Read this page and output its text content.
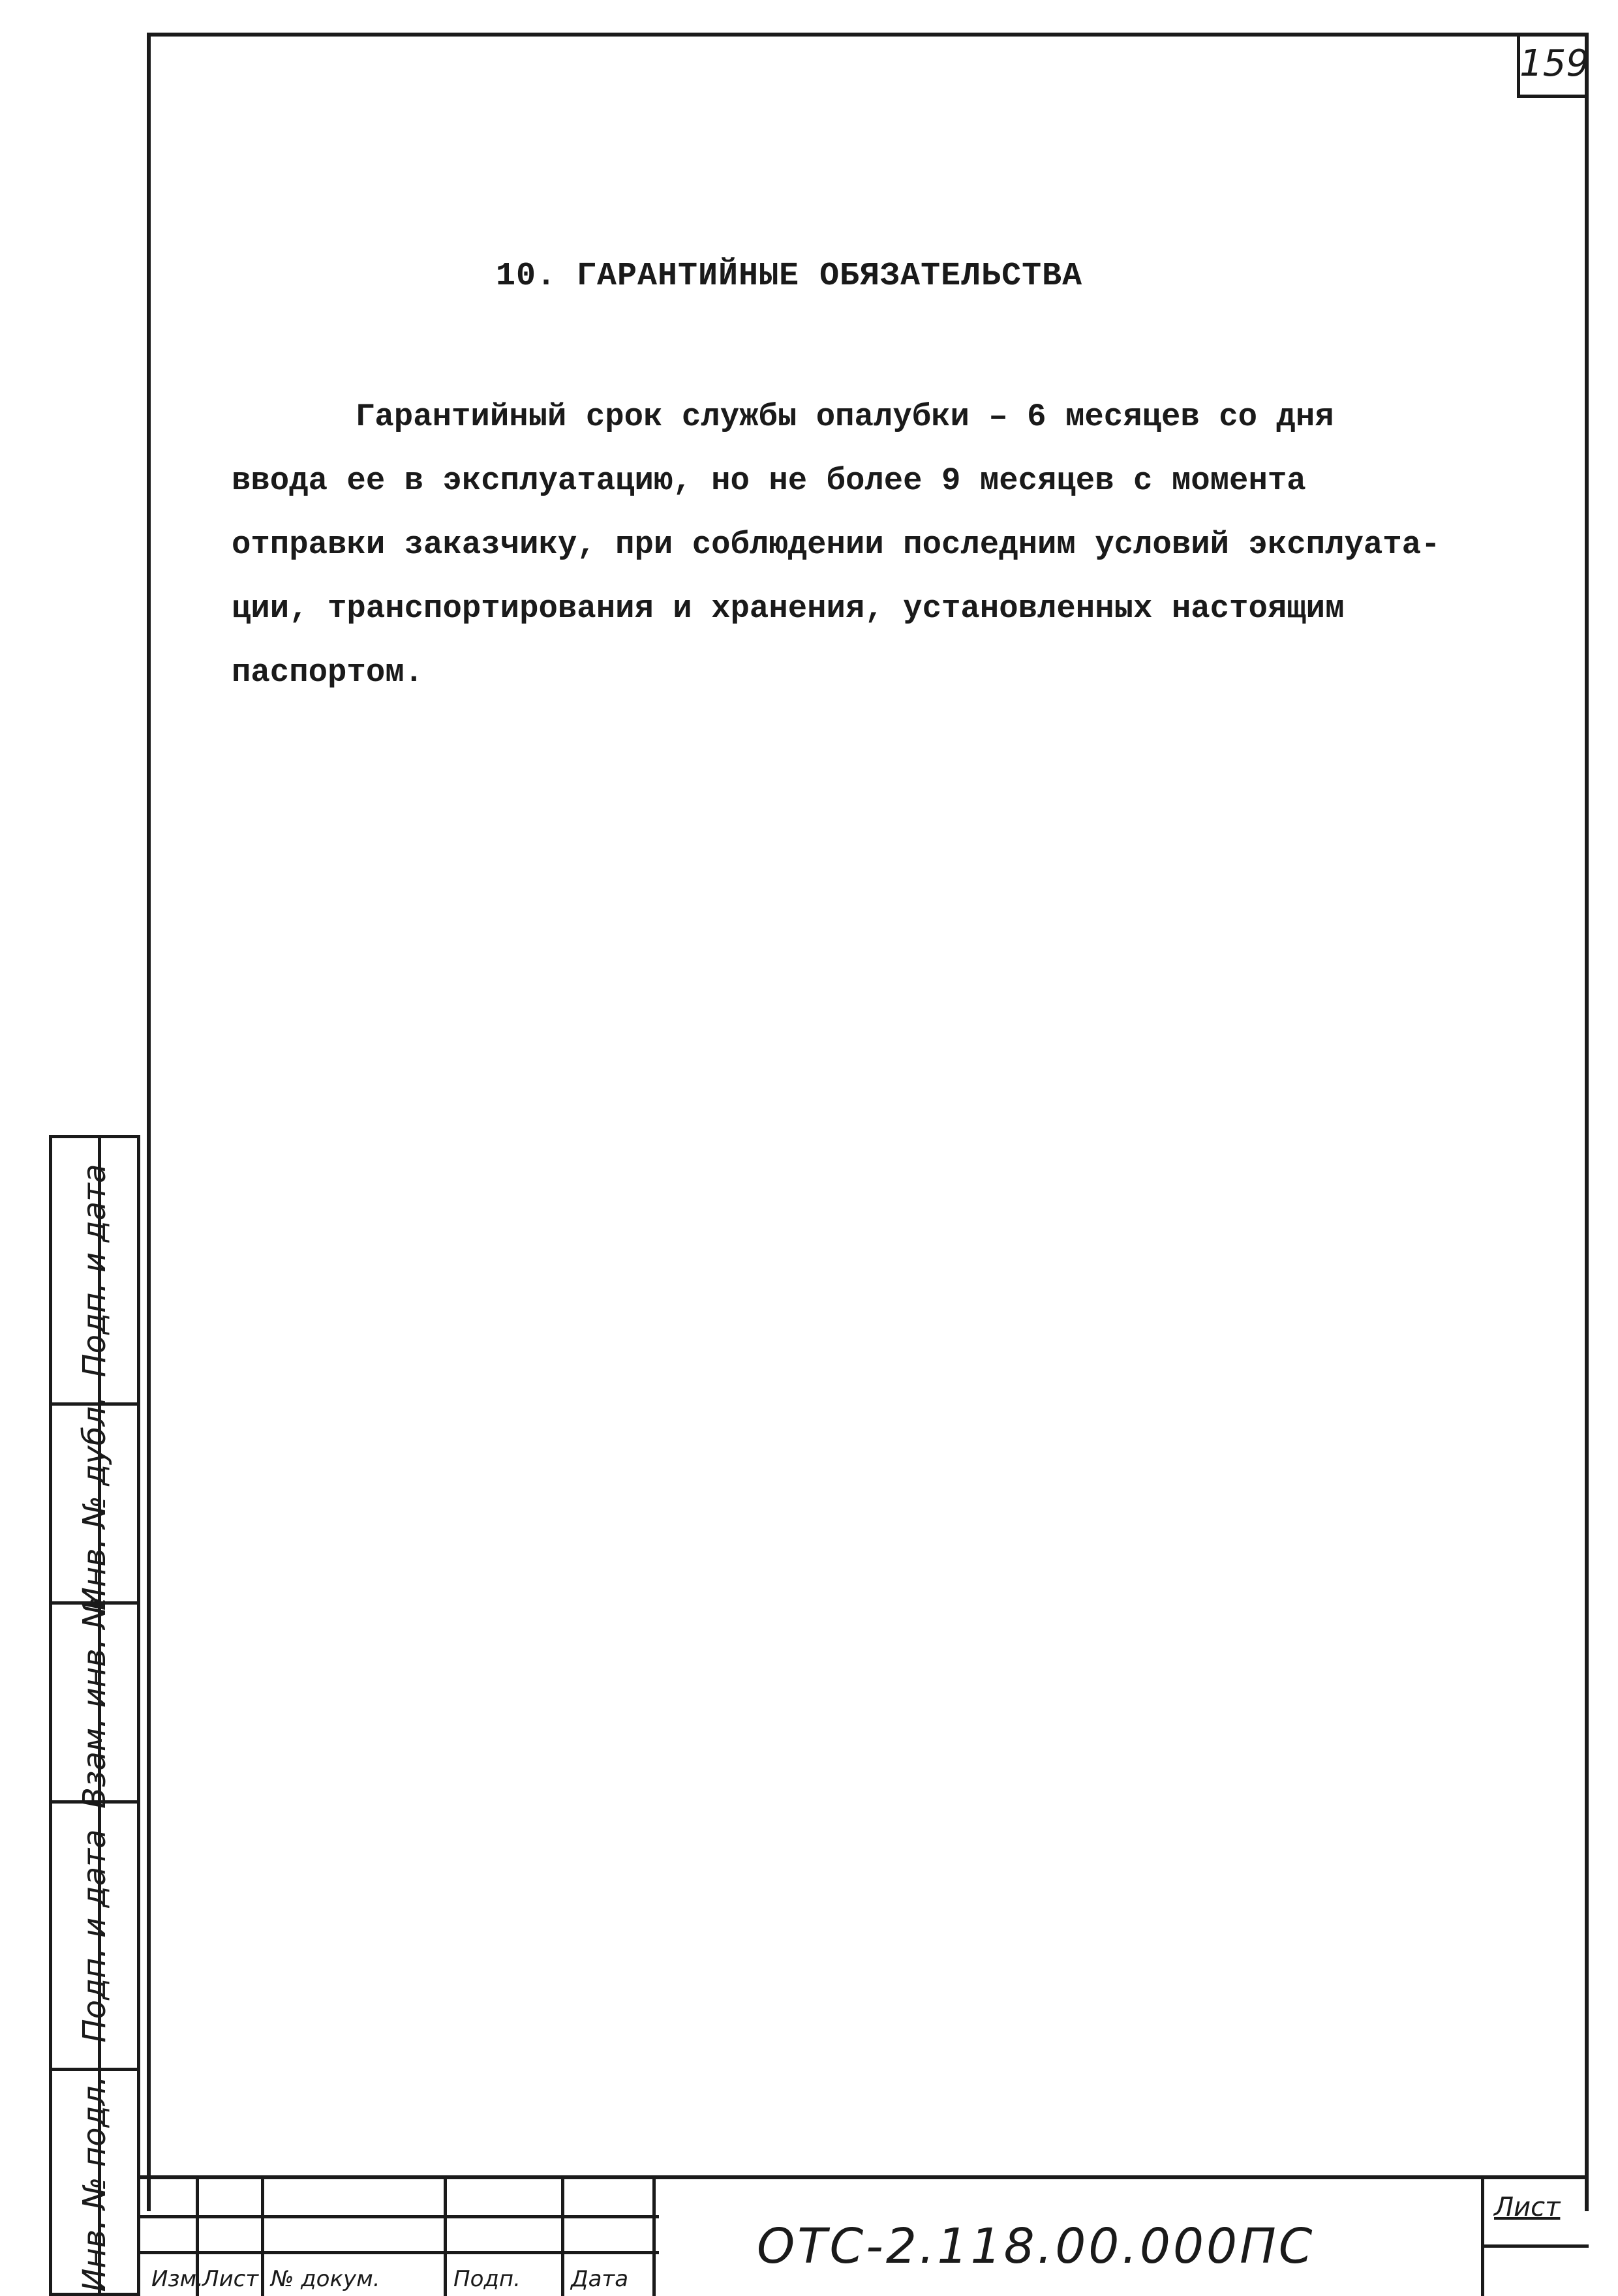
159
10. ГАРАНТИЙНЫЕ ОБЯЗАТЕЛЬСТВА
Гарантийный срок службы опалубки – 6 месяцев со дня
ввода ее в эксплуатацию, но не более 9 месяцев с момента
отправки заказчику, при соблюдении последним условий эксплуата-
ции, транспортирования и хранения, установленных настоящим
паспортом.
Подп. и дата
Инв. № дубл.
Взам. инв. №
Подп. и дата
Инв. № подл. Изм.
Лист № докум.	Подп.	Дата
ОТС-2.118.00.000ПС
Лист
